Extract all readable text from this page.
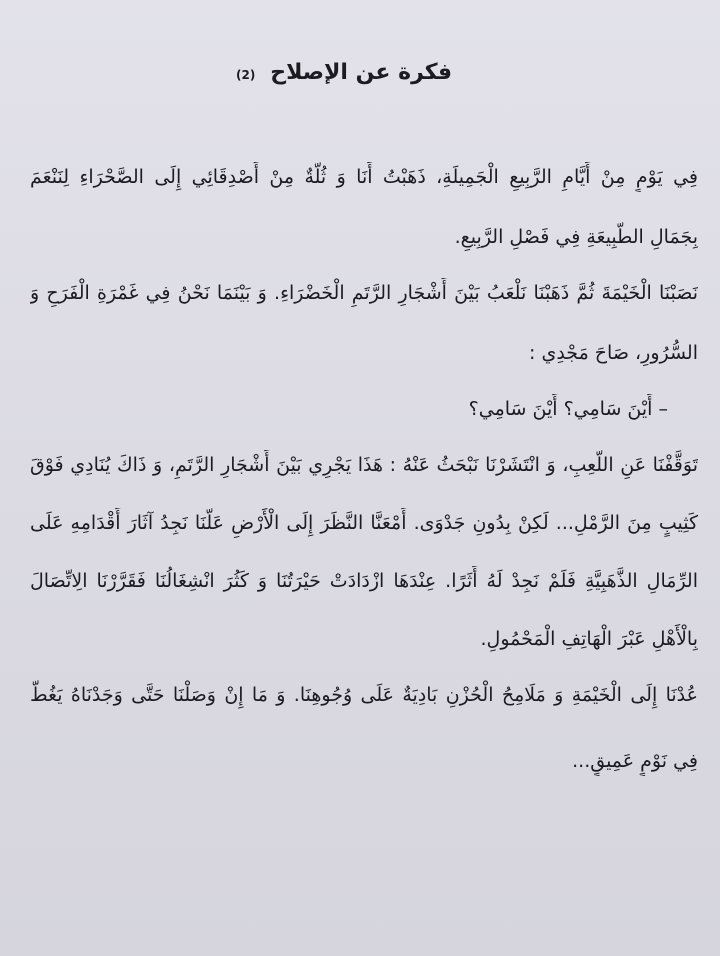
فكرة عن الإصلاح
(2)
فِي يَوْمٍ مِنْ أَيَّامِ الرَّبِيعِ الْجَمِيلَةِ، ذَهَبْتُ أَنَا وَ ثُلَّةٌ مِنْ أَصْدِقَائِي إِلَى الصَّحْرَاءِ لِنَنْعَمَ
بِجَمَالِ الطَّبِيعَةِ فِي فَصْلِ الرَّبِيعِ.
نَصَبْنَا الْخَيْمَةَ ثُمَّ ذَهَبْنَا نَلْعَبُ بَيْنَ أَشْجَارِ الرَّتَمِ الْخَضْرَاءِ. وَ بَيْنَمَا نَحْنُ فِي غَمْرَةِ الْفَرَحِ وَ
السُّرُورِ، صَاحَ مَجْدِي :
– أَيْنَ سَامِي؟ أَيْنَ سَامِي؟
تَوَقَّفْنَا عَنِ اللَّعِبِ، وَ انْتَشَرْنَا نَبْحَثُ عَنْهُ : هَذَا يَجْرِي بَيْنَ أَشْجَارِ الرَّتَمِ، وَ ذَاكَ يُنَادِي فَوْقَ
كَثِيبٍ مِنَ الرَّمْلِ... لَكِنْ بِدُونِ جَدْوَى. أَمْعَنَّا النَّظَرَ إِلَى الْأَرْضِ عَلَّنَا نَجِدُ آثَارَ أَقْدَامِهِ عَلَى
الرِّمَالِ الذَّهَبِيَّةِ فَلَمْ نَجِدْ لَهُ أَثَرًا. عِنْدَهَا ازْدَادَتْ حَيْرَتُنَا وَ كَثُرَ انْشِغَالُنَا فَقَرَّرْنَا الِاتِّصَالَ
بِالْأَهْلِ عَبْرَ الْهَاتِفِ الْمَحْمُولِ.
عُدْنَا إِلَى الْخَيْمَةِ وَ مَلَامِحُ الْحُزْنِ بَادِيَةٌ عَلَى وُجُوهِنَا. وَ مَا إِنْ وَصَلْنَا حَتَّى وَجَدْنَاهُ يَغُطُّ
فِي نَوْمٍ عَمِيقٍ...
